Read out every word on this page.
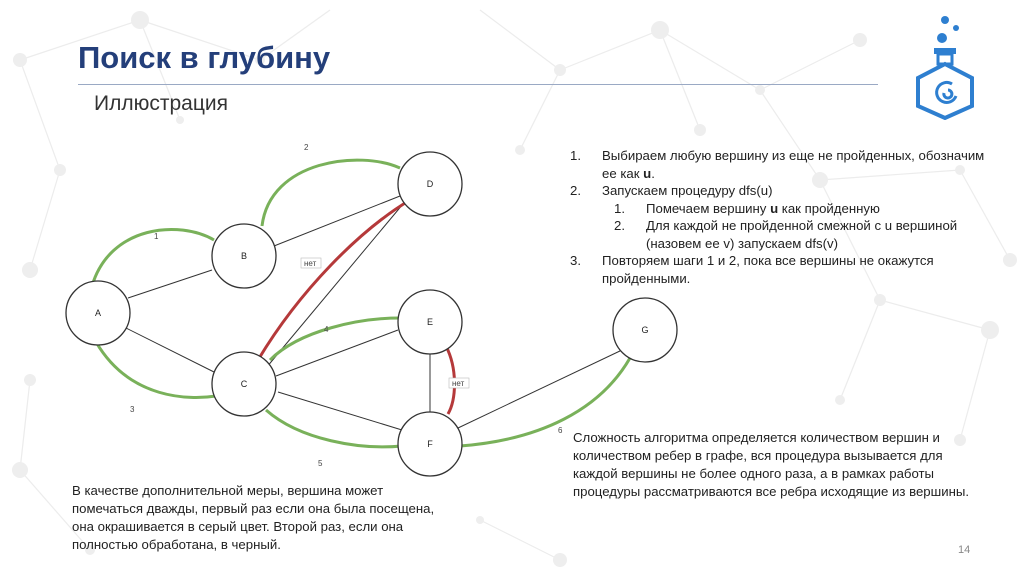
Поиск в глубину
Иллюстрация
1
2
3
4
5
6
нет
нет
A
B
C
D
E
F
G
1.	Выбираем любую вершину из еще не пройденных, обозначим ее как u.
2.	Запускаем процедуру dfs(u)
1.	Помечаем вершину u как пройденную
2.	Для каждой не пройденной смежной с u вершиной (назовем ее v) запускаем dfs(v)
3.	Повторяем шаги 1 и 2, пока все вершины не окажутся пройденными.
Сложность алгоритма определяется количеством вершин и количеством ребер в графе, вся процедура вызывается для каждой вершины не более одного раза, а в рамках работы процедуры рассматриваются все ребра исходящие из вершины.
В качестве дополнительной меры, вершина может помечаться дважды, первый раз если она была посещена, она окрашивается в серый цвет. Второй раз, если она полностью обработана, в черный.	14
